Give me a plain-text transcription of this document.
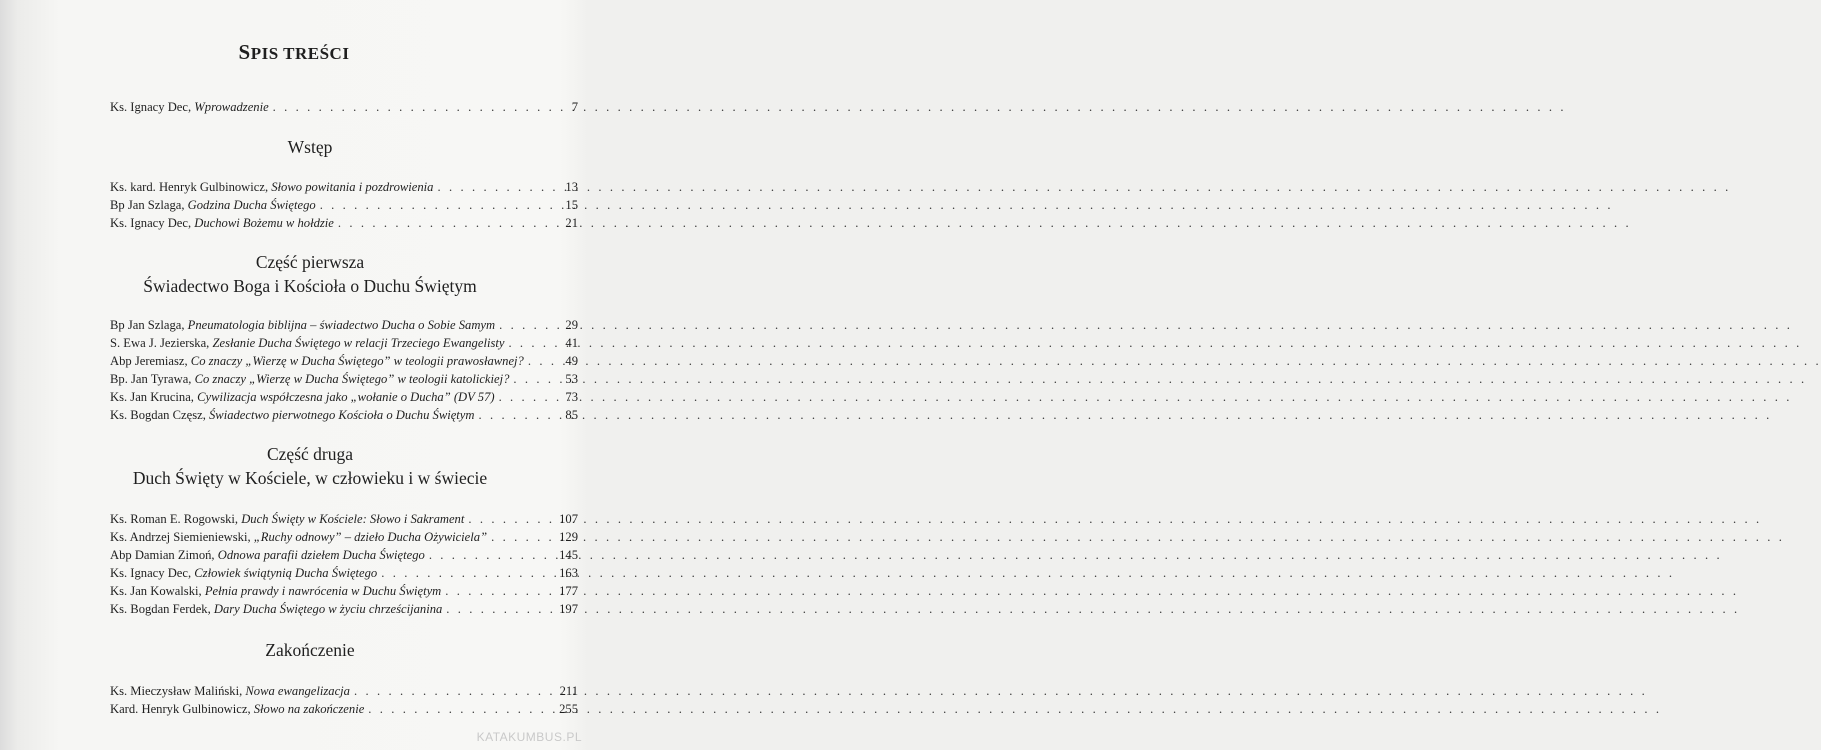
SPIS TREŚCI
Ks. Ignacy Dec, Wprowadzenie . . .	7
Wstęp
Ks. kard. Henryk Gulbinowicz, Słowo powitania i pozdrowienia . . .	13
Bp Jan Szlaga, Godzina Ducha Świętego . . .	15
Ks. Ignacy Dec, Duchowi Bożemu w hołdzie . . .	21
Część pierwsza
Świadectwo Boga i Kościoła o Duchu Świętym
Bp Jan Szlaga, Pneumatologia biblijna – świadectwo Ducha o Sobie Samym . . .	29
S. Ewa J. Jezierska, Zesłanie Ducha Świętego w relacji Trzeciego Ewangelisty . . .	41
Abp Jeremiasz, Co znaczy „Wierzę w Ducha Świętego” w teologii prawosławnej? . . .	49
Bp. Jan Tyrawa, Co znaczy „Wierzę w Ducha Świętego” w teologii katolickiej? . . .	53
Ks. Jan Krucina, Cywilizacja współczesna jako „wołanie o Ducha” (DV 57) . . .	73
Ks. Bogdan Częsz, Świadectwo pierwotnego Kościoła o Duchu Świętym . . .	85
Część druga
Duch Święty w Kościele, w człowieku i w świecie
Ks. Roman E. Rogowski, Duch Święty w Kościele: Słowo i Sakrament . . .	107
Ks. Andrzej Siemieniewski, „Ruchy odnowy” – dzieło Ducha Ożywiciela” . . .	129
Abp Damian Zimoń, Odnowa parafii dziełem Ducha Świętego . . .	145
Ks. Ignacy Dec, Człowiek świątynią Ducha Świętego . . .	163
Ks. Jan Kowalski, Pełnia prawdy i nawrócenia w Duchu Świętym . . .	177
Ks. Bogdan Ferdek, Dary Ducha Świętego w życiu chrześcijanina . . .	197
Zakończenie
Ks. Mieczysław Maliński, Nowa ewangelizacja . . .	211
Kard. Henryk Gulbinowicz, Słowo na zakończenie . . .	255
KATAKUMBUS.PL
